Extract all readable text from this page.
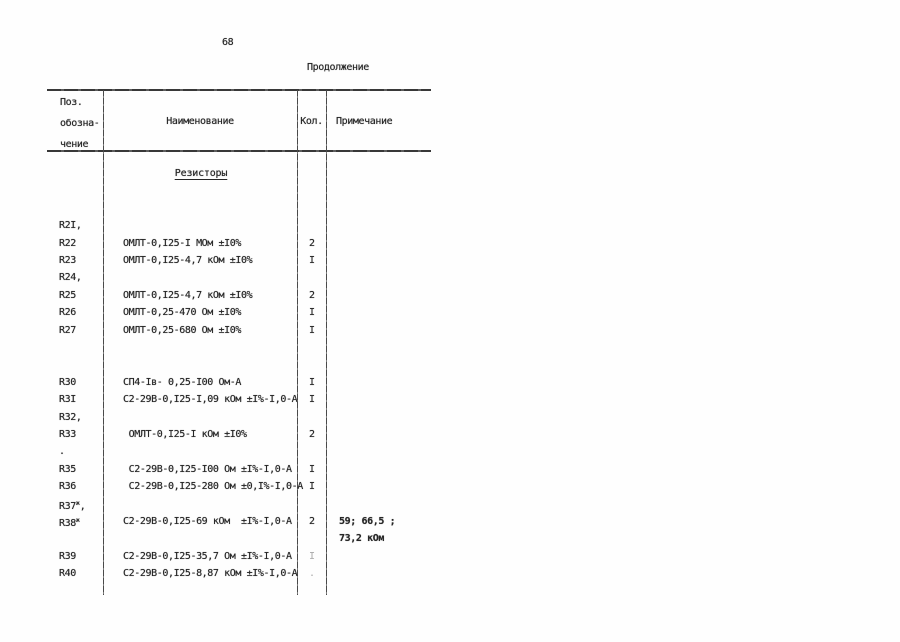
68
Продолжение
Поз.
обозна-
чение
Наименование	Кол.	Примечание
Резисторы
R2I,
R22	ОМЛТ-0,I25-I МОм ±I0%	2
R23	ОМЛТ-0,I25-4,7 кОм ±I0%	I
R24,
R25	ОМЛТ-0,I25-4,7 кОм ±I0%	2
R26	ОМЛТ-0,25-470 Ом ±I0%	I
R27	ОМЛТ-0,25-680 Ом ±I0%	I
R30	СП4-Iв- 0,25-I00 Ом-А	I
R3I	С2-29В-0,I25-I,09 кОм ±I%-I,0-А	I
R32,
R33	ОМЛТ-0,I25-I кОм ±I0%	2
.
R35	С2-29В-0,I25-I00 Ом ±I%-I,0-А	I
R36	С2-29В-0,I25-280 Ом ±0,I%-I,0-А I
$R37^ж$,
$R38^ж$	С2-29В-0,I25-69 кОм  ±I%-I,0-А	2	59; 66,5 ;
73,2 кОм
R39	С2-29В-0,I25-35,7 Ом ±I%-I,0-А	I
R40	С2-29В-0,I25-8,87 кОм ±I%-I,0-А	.
